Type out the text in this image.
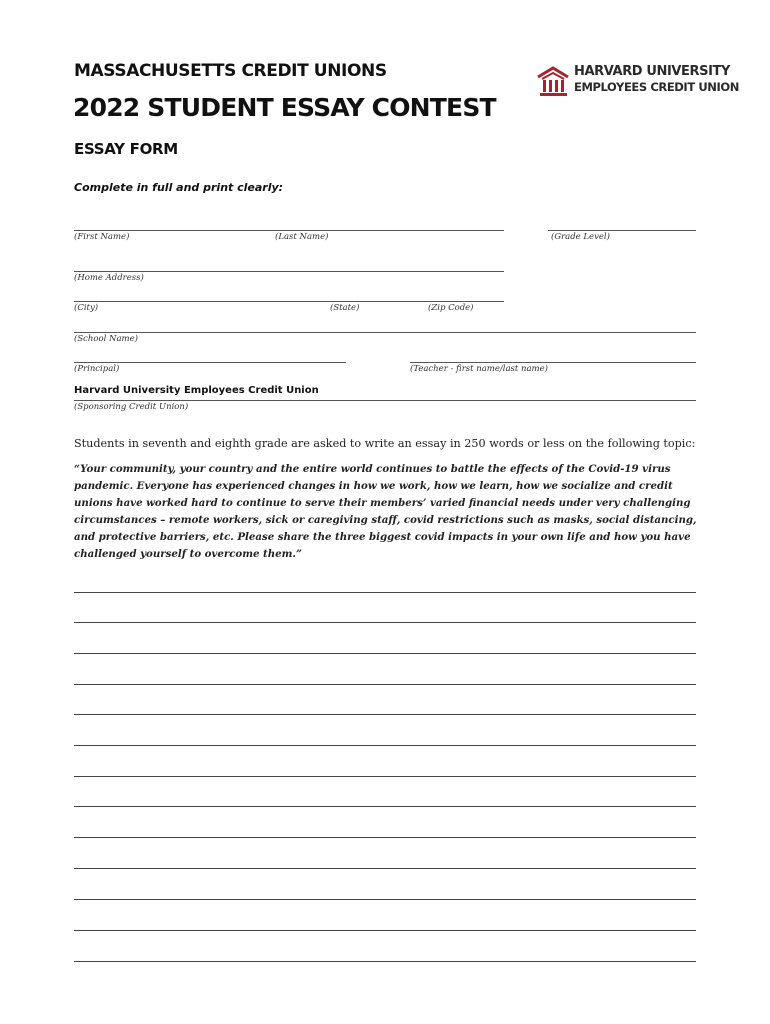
MASSACHUSETTS CREDIT UNIONS
2022 STUDENT ESSAY CONTEST
ESSAY FORM
Complete in full and print clearly:
HARVARD UNIVERSITY
EMPLOYEES CREDIT UNION
(First Name)	(Last Name)	(Grade Level)
(Home Address)
(City)	(State)	(Zip Code)
(School Name)
(Principal)	(Teacher - first name/last name)
Harvard University Employees Credit Union
(Sponsoring Credit Union)
Students in seventh and eighth grade are asked to write an essay in 250 words or less on the following topic:
“Your community, your country and the entire world continues to battle the effects of the Covid-19 virus pandemic. Everyone has experienced changes in how we work, how we learn, how we socialize and credit unions have worked hard to continue to serve their members’ varied financial needs under very challenging circumstances – remote workers, sick or caregiving staff, covid restrictions such as masks, social distancing, and protective barriers, etc. Please share the three biggest covid impacts in your own life and how you have challenged yourself to overcome them.”
